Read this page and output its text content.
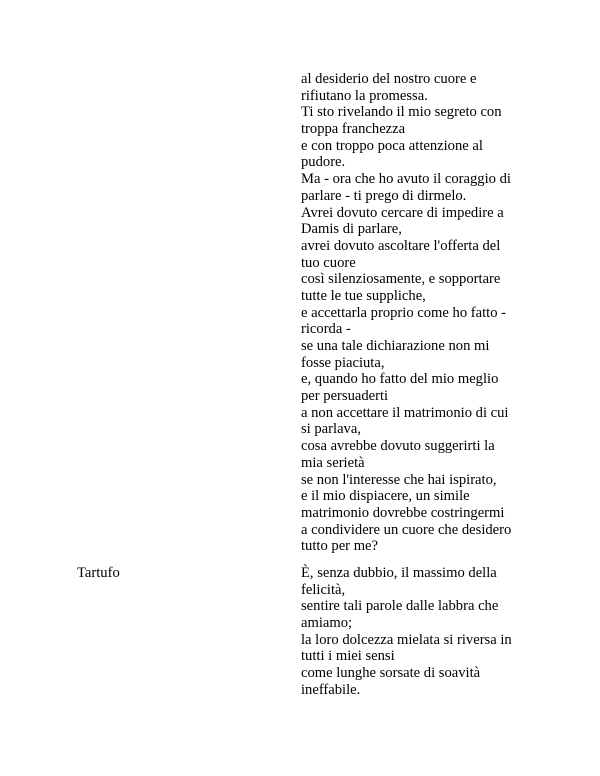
al desiderio del nostro cuore e
rifiutano la promessa.
Ti sto rivelando il mio segreto con
troppa franchezza
e con troppo poca attenzione al
pudore.
Ma - ora che ho avuto il coraggio di
parlare - ti prego di dirmelo.
Avrei dovuto cercare di impedire a
Damis di parlare,
avrei dovuto ascoltare l'offerta del
tuo cuore
così silenziosamente, e sopportare
tutte le tue suppliche,
e accettarla proprio come ho fatto -
ricorda -
se una tale dichiarazione non mi
fosse piaciuta,
e, quando ho fatto del mio meglio
per persuaderti
a non accettare il matrimonio di cui
si parlava,
cosa avrebbe dovuto suggerirti la
mia serietà
se non l'interesse che hai ispirato,
e il mio dispiacere, un simile
matrimonio dovrebbe costringermi
a condividere un cuore che desidero
tutto per me?
Tartufo	È, senza dubbio, il massimo della
felicità,
sentire tali parole dalle labbra che
amiamo;
la loro dolcezza mielata si riversa in
tutti i miei sensi
come lunghe sorsate di soavità
ineffabile.
